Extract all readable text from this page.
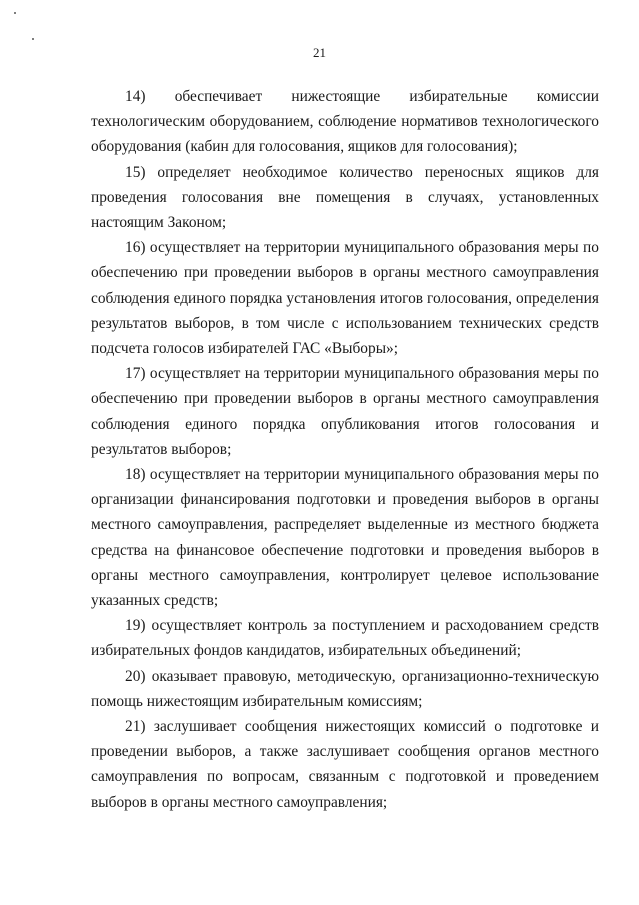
21

14) обеспечивает нижестоящие избирательные комиссии технологическим оборудованием, соблюдение нормативов технологического оборудования (кабин для голосования, ящиков для голосования);

15) определяет необходимое количество переносных ящиков для проведения голосования вне помещения в случаях, установленных настоящим Законом;

16) осуществляет на территории муниципального образования меры по обеспечению при проведении выборов в органы местного самоуправления соблюдения единого порядка установления итогов голосования, определения результатов выборов, в том числе с использованием технических средств подсчета голосов избирателей ГАС «Выборы»;

17) осуществляет на территории муниципального образования меры по обеспечению при проведении выборов в органы местного самоуправления соблюдения единого порядка опубликования итогов голосования и результатов выборов;

18) осуществляет на территории муниципального образования меры по организации финансирования подготовки и проведения выборов в органы местного самоуправления, распределяет выделенные из местного бюджета средства на финансовое обеспечение подготовки и проведения выборов в органы местного самоуправления, контролирует целевое использование указанных средств;

19) осуществляет контроль за поступлением и расходованием средств избирательных фондов кандидатов, избирательных объединений;

20) оказывает правовую, методическую, организационно-техническую помощь нижестоящим избирательным комиссиям;

21) заслушивает сообщения нижестоящих комиссий о подготовке и проведении выборов, а также заслушивает сообщения органов местного самоуправления по вопросам, связанным с подготовкой и проведением выборов в органы местного самоуправления;
